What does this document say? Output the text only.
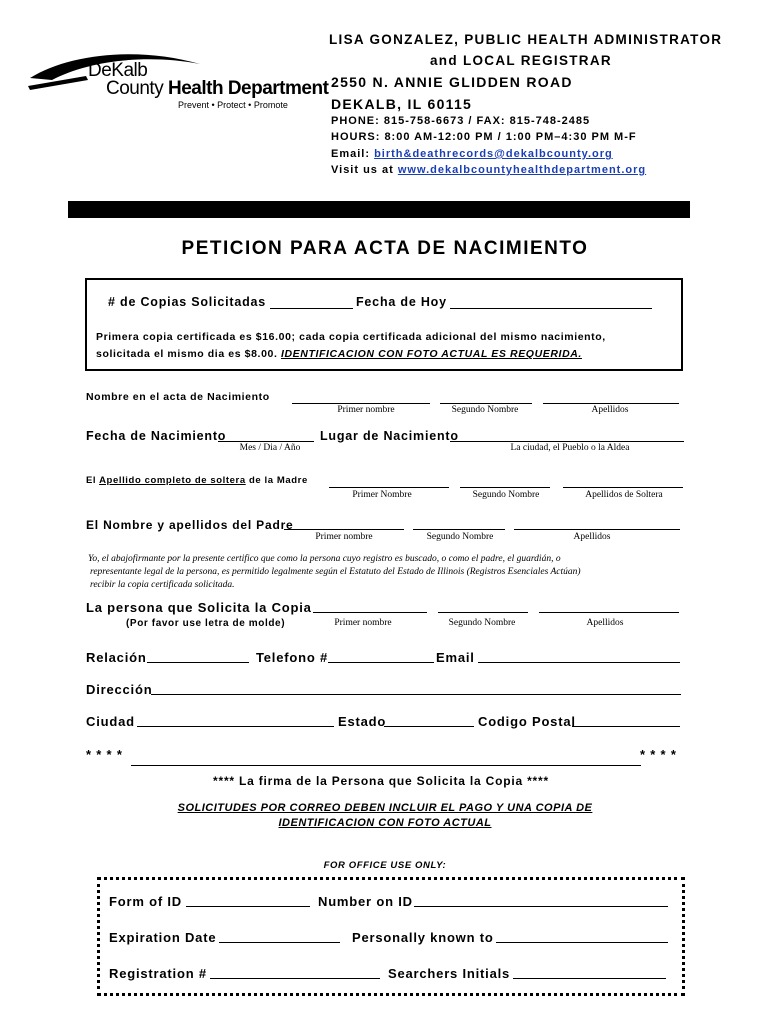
DeKalb
County Health Department
Prevent • Protect • Promote
LISA GONZALEZ, PUBLIC HEALTH ADMINISTRATOR
and LOCAL REGISTRAR
2550 N. ANNIE GLIDDEN ROAD
DEKALB, IL 60115
PHONE: 815-758-6673 / FAX: 815-748-2485
HOURS: 8:00 AM-12:00 PM / 1:00 PM–4:30 PM M-F
Email: birth&deathrecords@dekalbcounty.org
Visit us at www.dekalbcountyhealthdepartment.org
PETICION PARA ACTA DE NACIMIENTO
# de Copias Solicitadas	Fecha de Hoy
Primera copia certificada es $16.00; cada copia certificada adicional del mismo nacimiento,
solicitada el mismo dia es $8.00. IDENTIFICACION CON FOTO ACTUAL ES REQUERIDA.
Nombre en el acta de Nacimiento
Primer nombre	Segundo Nombre	Apellidos
Fecha de Nacimiento
Mes / Dia / Año
Lugar de Nacimiento
La ciudad, el Pueblo o la Aldea
El Apellido completo de soltera de la Madre
Primer Nombre	Segundo Nombre	Apellidos de Soltera
El Nombre y apellidos del Padre
Primer nombre	Segundo Nombre	Apellidos
Yo, el abajofirmante por la presente certifico que como la persona cuyo registro es buscado, o como el padre, el guardián, o
representante legal de la persona, es permitido legalmente según el Estatuto del Estado de Illinois (Registros Esenciales Actúan)
recibir la copia certificada solicitada.
La persona que Solicita la Copia
(Por favor use letra de molde)	Primer nombre	Segundo Nombre	Apellidos
Relación	Telefono #	Email
Dirección
Ciudad	Estado	Codigo Postal
* * * *	* * * *
**** La firma de la Persona que Solicita la Copia ****
SOLICITUDES POR CORREO DEBEN INCLUIR EL PAGO Y UNA COPIA DE
IDENTIFICACION CON FOTO ACTUAL
FOR OFFICE USE ONLY:
Form of ID	Number on ID
Expiration Date	Personally known to
Registration #	Searchers Initials
